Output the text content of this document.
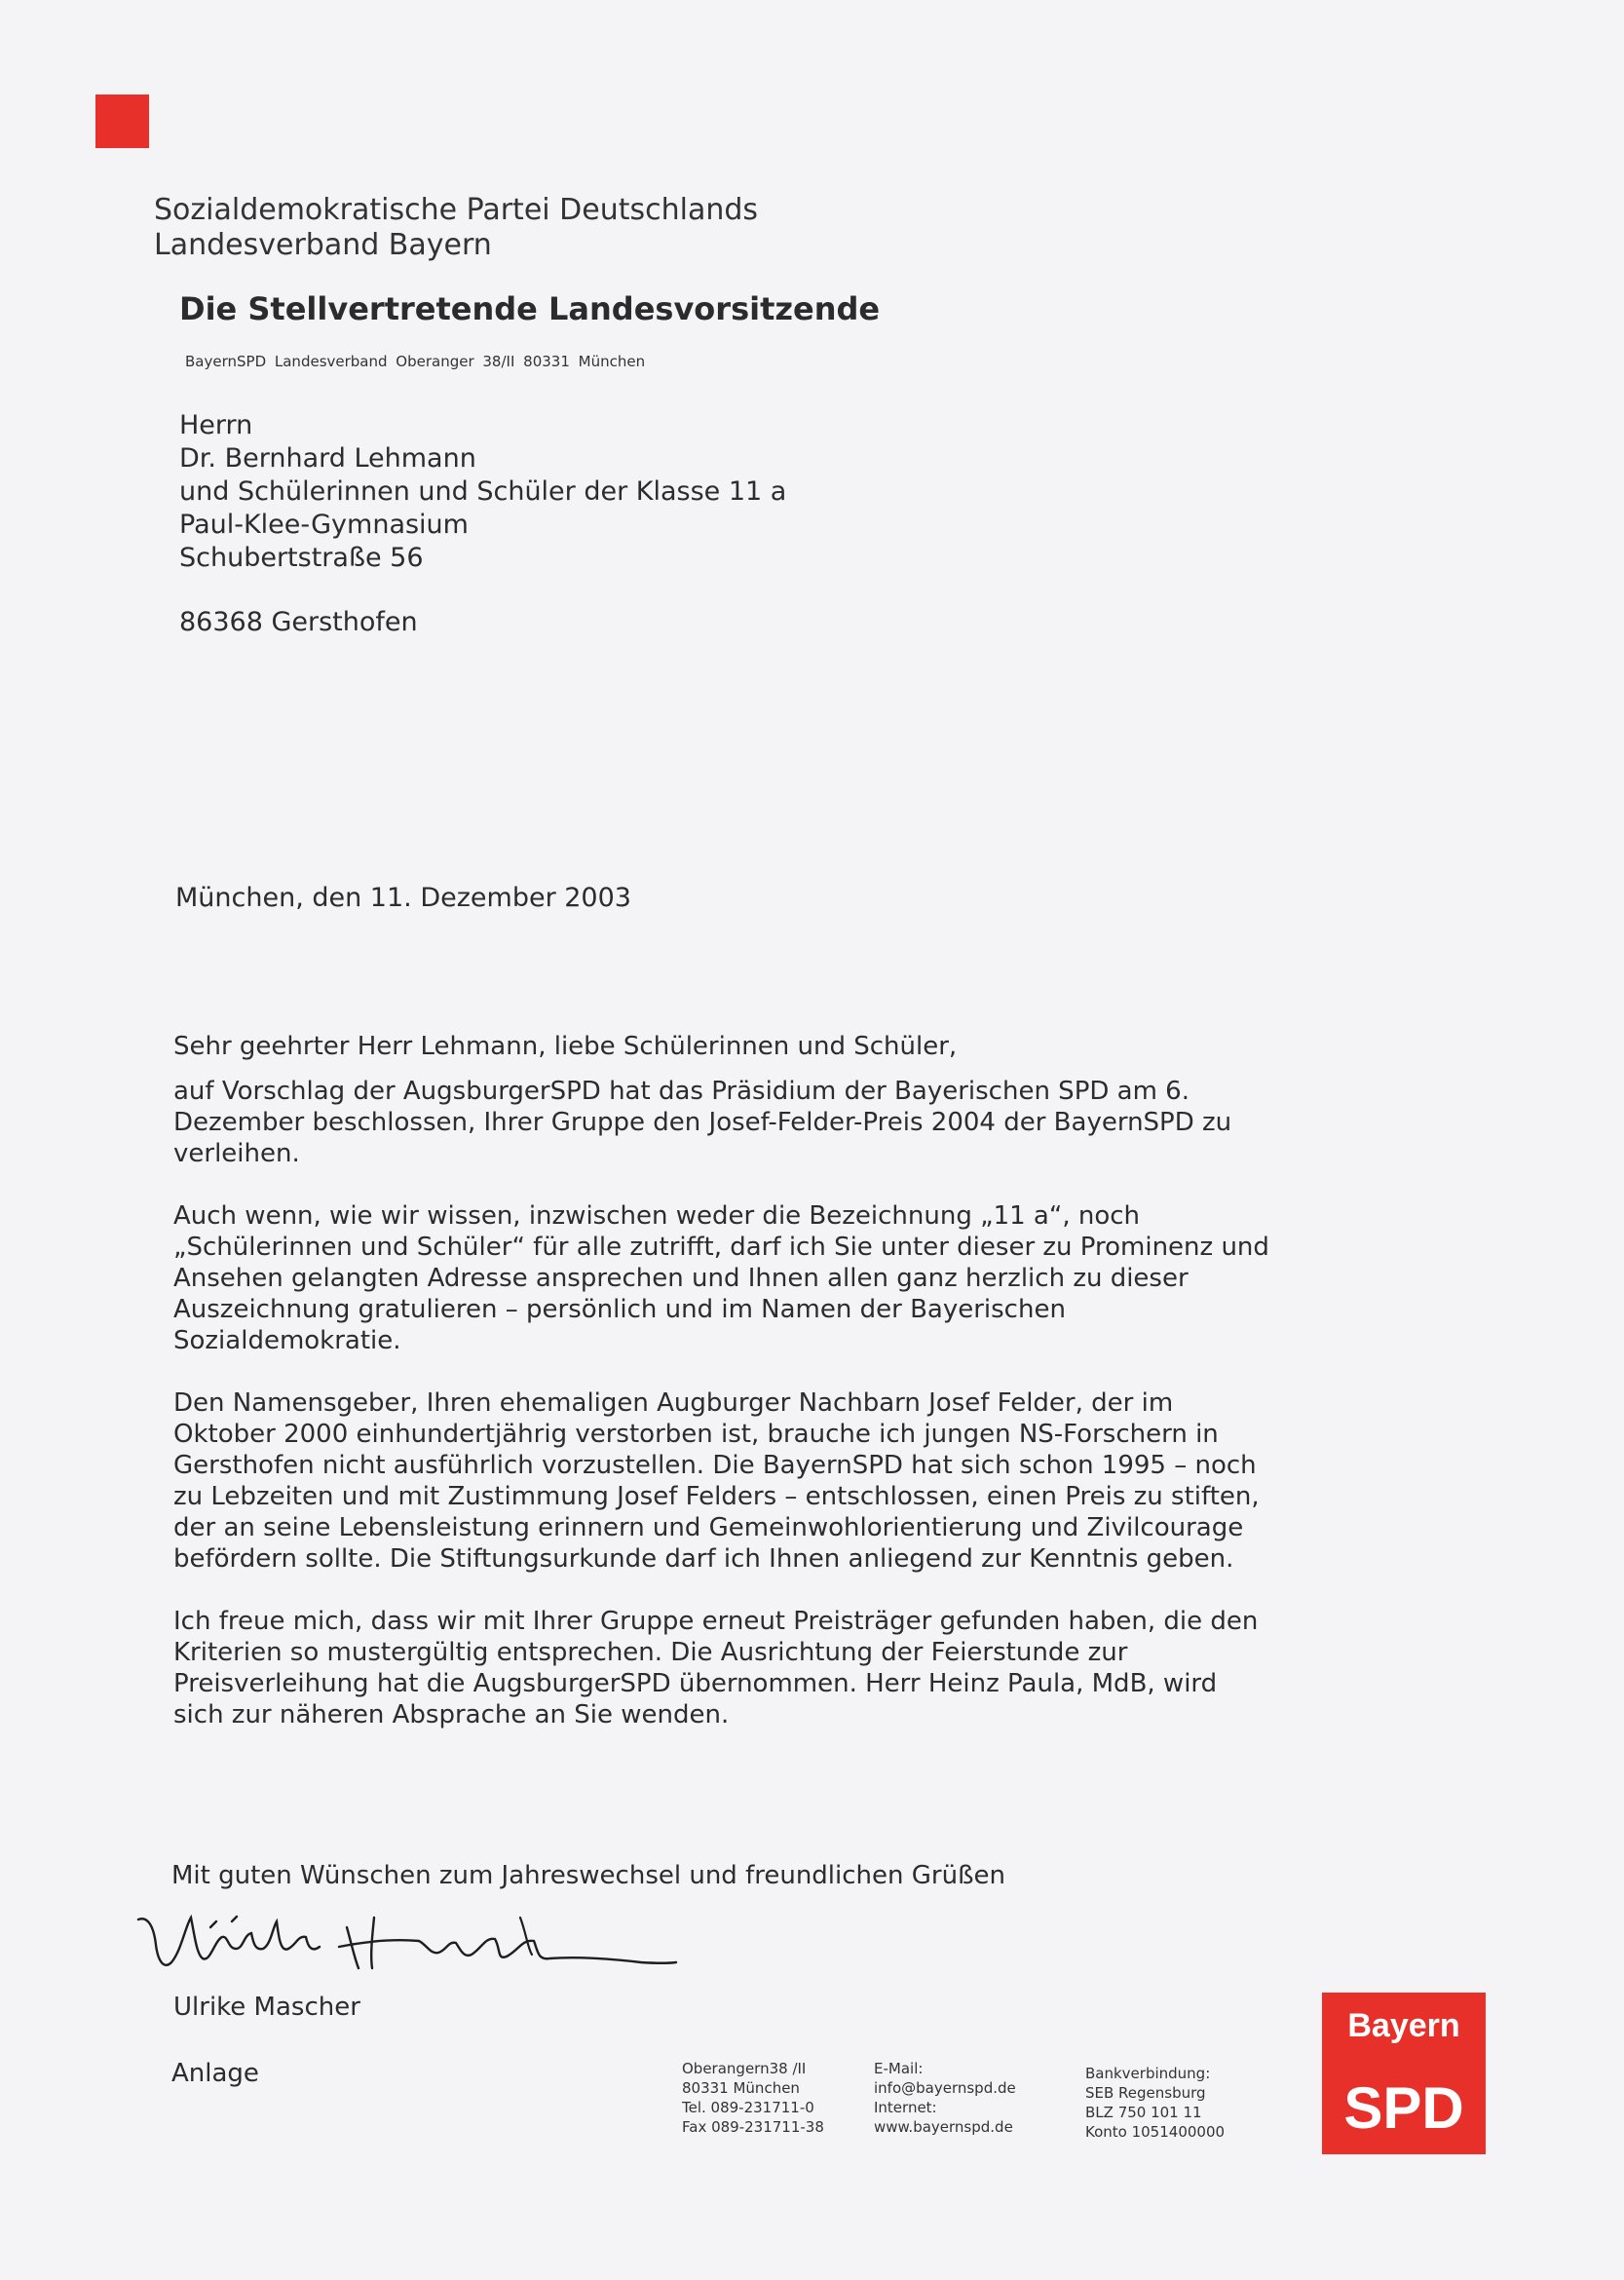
Sozialdemokratische Partei Deutschlands
Landesverband Bayern
Die Stellvertretende Landesvorsitzende
BayernSPD Landesverband Oberanger 38/II 80331 München
Herrn
Dr. Bernhard Lehmann
und Schülerinnen und Schüler der Klasse 11 a
Paul-Klee-Gymnasium
Schubertstraße 56
86368 Gersthofen
München, den 11. Dezember 2003

Sehr geehrter Herr Lehmann, liebe Schülerinnen und Schüler,

auf Vorschlag der AugsburgerSPD hat das Präsidium der Bayerischen SPD am 6. Dezember beschlossen, Ihrer Gruppe den Josef-Felder-Preis 2004 der BayernSPD zu verleihen.

Auch wenn, wie wir wissen, inzwischen weder die Bezeichnung „11 a“, noch „Schülerinnen und Schüler“ für alle zutrifft, darf ich Sie unter dieser zu Prominenz und Ansehen gelangten Adresse ansprechen und Ihnen allen ganz herzlich zu dieser Auszeichnung gratulieren – persönlich und im Namen der Bayerischen Sozialdemokratie.

Den Namensgeber, Ihren ehemaligen Augburger Nachbarn Josef Felder, der im Oktober 2000 einhundertjährig verstorben ist, brauche ich jungen NS-Forschern in Gersthofen nicht ausführlich vorzustellen. Die BayernSPD hat sich schon 1995 – noch zu Lebzeiten und mit Zustimmung Josef Felders – entschlossen, einen Preis zu stiften, der an seine Lebensleistung erinnern und Gemeinwohlorientierung und Zivilcourage befördern sollte. Die Stiftungsurkunde darf ich Ihnen anliegend zur Kenntnis geben.

Ich freue mich, dass wir mit Ihrer Gruppe erneut Preisträger gefunden haben, die den Kriterien so mustergültig entsprechen. Die Ausrichtung der Feierstunde zur Preisverleihung hat die AugsburgerSPD übernommen. Herr Heinz Paula, MdB, wird sich zur näheren Absprache an Sie wenden.

Mit guten Wünschen zum Jahreswechsel und freundlichen Grüßen
Ulrike Mascher
Anlage	Oberangern38 /II
80331 München
Tel. 089-231711-0
Fax 089-231711-38
E-Mail:
info@bayernspd.de
Internet:
www.bayernspd.de
Bankverbindung:
SEB Regensburg
BLZ 750 101 11
Konto 1051400000
Bayern
SPD
